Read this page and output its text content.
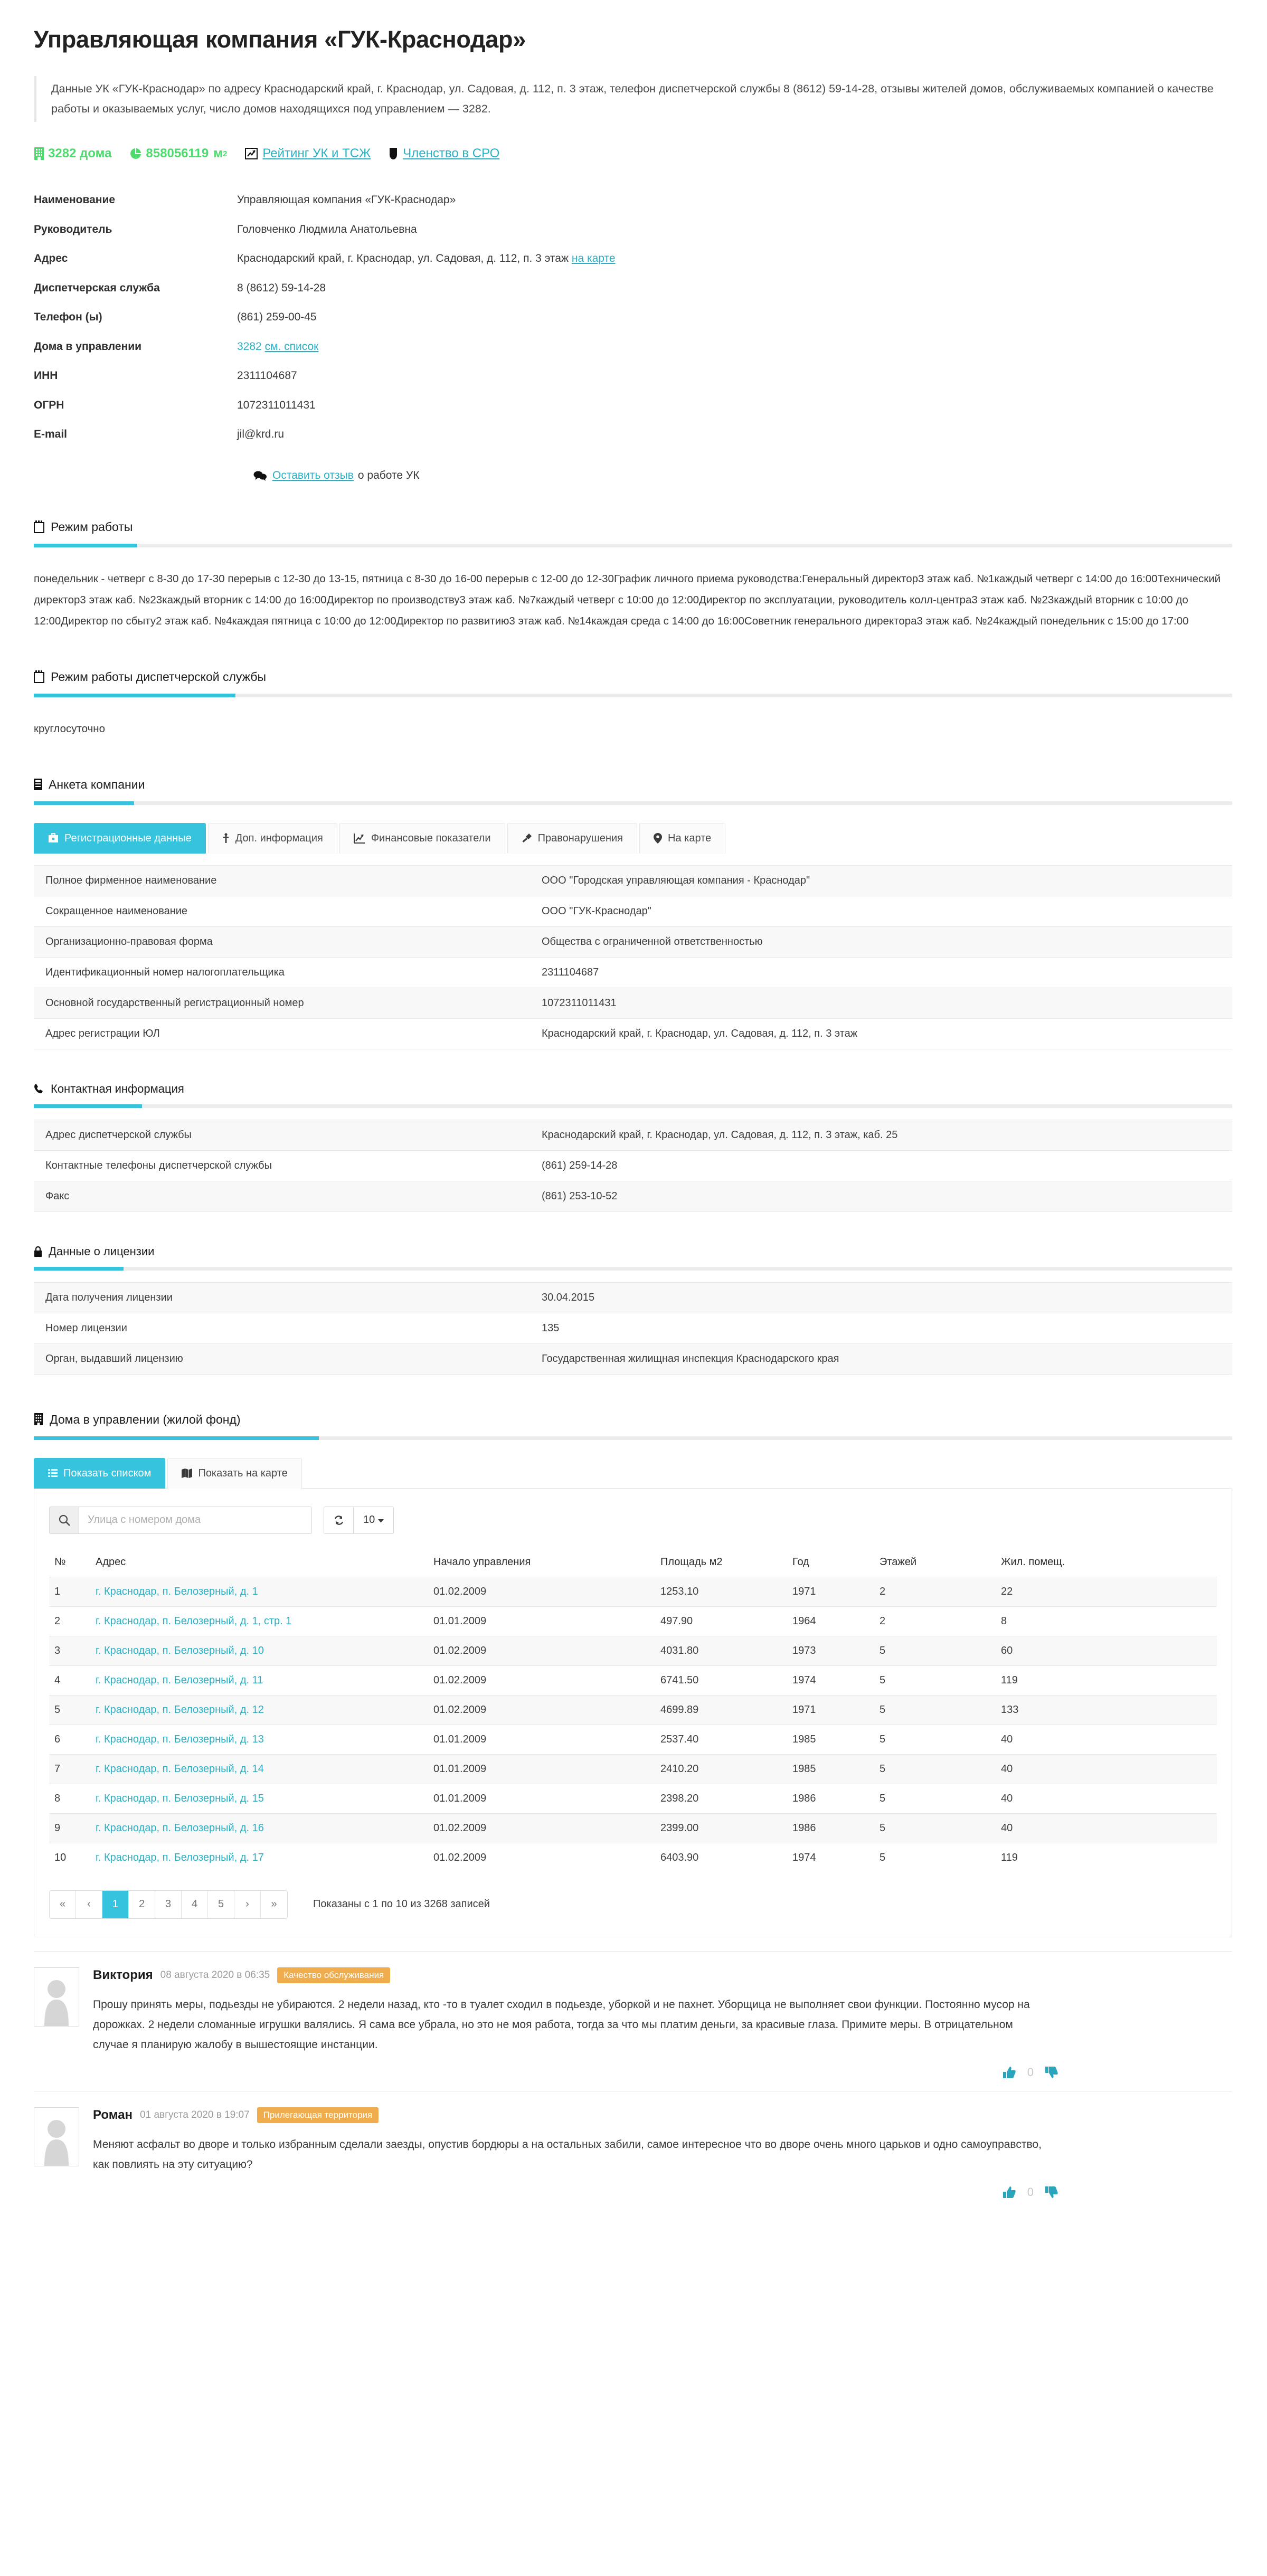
Управляющая компания «ГУК-Краснодар»

Данные УК «ГУК-Краснодар» по адресу Краснодарский край, г. Краснодар, ул. Садовая, д. 112, п. 3 этаж, телефон диспетчерской службы 8 (8612) 59-14-28, отзывы жителей домов, обслуживаемых компанией о качестве работы и оказываемых услуг, число домов находящихся под управлением — 3282.

3282 дома	858056119 м 2	Рейтинг УК и ТСЖ	Членство в СРО
Наименование	Управляющая компания «ГУК-Краснодар»
Руководитель	Головченко Людмила Анатольевна
Адрес	Краснодарский край, г. Краснодар, ул. Садовая, д. 112, п. 3 этаж на карте
Диспетчерская служба	8 (8612) 59-14-28
Телефон (ы)	(861) 259-00-45
Дома в управлении	3282 см. список
ИНН	2311104687
ОГРН	1072311011431
E-mail	jil@krd.ru
Оставить отзыв о работе УК
Режим работы
понедельник - четверг с 8-30 до 17-30 перерыв с 12-30 до 13-15, пятница с 8-30 до 16-00 перерыв с 12-00 до 12-30График личного приема руководства:Генеральный директор3 этаж каб. №1каждый четверг с 14:00 до 16:00Технический директор3 этаж каб. №23каждый вторник с 14:00 до 16:00Директор по производству3 этаж каб. №7каждый четверг с 10:00 до 12:00Директор по эксплуатации, руководитель колл-центра3 этаж каб. №23каждый вторник с 10:00 до 12:00Директор по сбыту2 этаж каб. №4каждая пятница с 10:00 до 12:00Директор по развитию3 этаж каб. №14каждая среда с 14:00 до 16:00Советник генерального директора3 этаж каб. №24каждый понедельник с 15:00 до 17:00
Режим работы диспетчерской службы
круглосуточно
Анкета компании
Регистрационные данные	Доп. информация	Финансовые показатели	Правонарушения	На карте
Полное фирменное наименование	ООО "Городская управляющая компания - Краснодар"
Сокращенное наименование	ООО "ГУК-Краснодар"
Организационно-правовая форма	Общества с ограниченной ответственностью
Идентификационный номер налогоплательщика	2311104687
Основной государственный регистрационный номер	1072311011431
Адрес регистрации ЮЛ	Краснодарский край, г. Краснодар, ул. Садовая, д. 112, п. 3 этаж
Контактная информация
Адрес диспетчерской службы	Краснодарский край, г. Краснодар, ул. Садовая, д. 112, п. 3 этаж, каб. 25
Контактные телефоны диспетчерской службы	(861) 259-14-28
Факс	(861) 253-10-52
Данные о лицензии
Дата получения лицензии	30.04.2015
Номер лицензии	135
Орган, выдавший лицензию	Государственная жилищная инспекция Краснодарского края
Дома в управлении (жилой фонд)
Показать списком	Показать на карте
Улица с номером дома
10
№	Адрес	Начало управления	Площадь м2	Год	Этажей	Жил. помещ.
1	г. Краснодар, п. Белозерный, д. 1	01.02.2009	1253.10	1971	2	22
2	г. Краснодар, п. Белозерный, д. 1, стр. 1	01.01.2009	497.90	1964	2	8
3	г. Краснодар, п. Белозерный, д. 10	01.02.2009	4031.80	1973	5	60
4	г. Краснодар, п. Белозерный, д. 11	01.02.2009	6741.50	1974	5	119
5	г. Краснодар, п. Белозерный, д. 12	01.02.2009	4699.89	1971	5	133
6	г. Краснодар, п. Белозерный, д. 13	01.01.2009	2537.40	1985	5	40
7	г. Краснодар, п. Белозерный, д. 14	01.01.2009	2410.20	1985	5	40
8	г. Краснодар, п. Белозерный, д. 15	01.01.2009	2398.20	1986	5	40
9	г. Краснодар, п. Белозерный, д. 16	01.02.2009	2399.00	1986	5	40
10	г. Краснодар, п. Белозерный, д. 17	01.02.2009	6403.90	1974	5	119
«	‹	1	2	3	4	5	›	»	Показаны с 1 по 10 из 3268 записей
Виктория 08 августа 2020 в 06:35	Качество обслуживания
Прошу принять меры, подьезды не убираются. 2 недели назад, кто -то в туалет сходил в подьезде, уборкой и не пахнет. Уборщица не выполняет свои функции. Постоянно мусор на дорожках. 2 недели сломанные игрушки валялись. Я сама все убрала, но это не моя работа, тогда за что мы платим деньги, за красивые глаза. Примите меры. В отрицательном случае я планирую жалобу в вышестоящие инстанции.
0
Роман 01 августа 2020 в 19:07	Прилегающая территория
Меняют асфальт во дворе и только избранным сделали заезды, опустив бордюры а на остальных забили, самое интересное что во дворе очень много царьков и одно самоуправство, как повлиять на эту ситуацию?
0
